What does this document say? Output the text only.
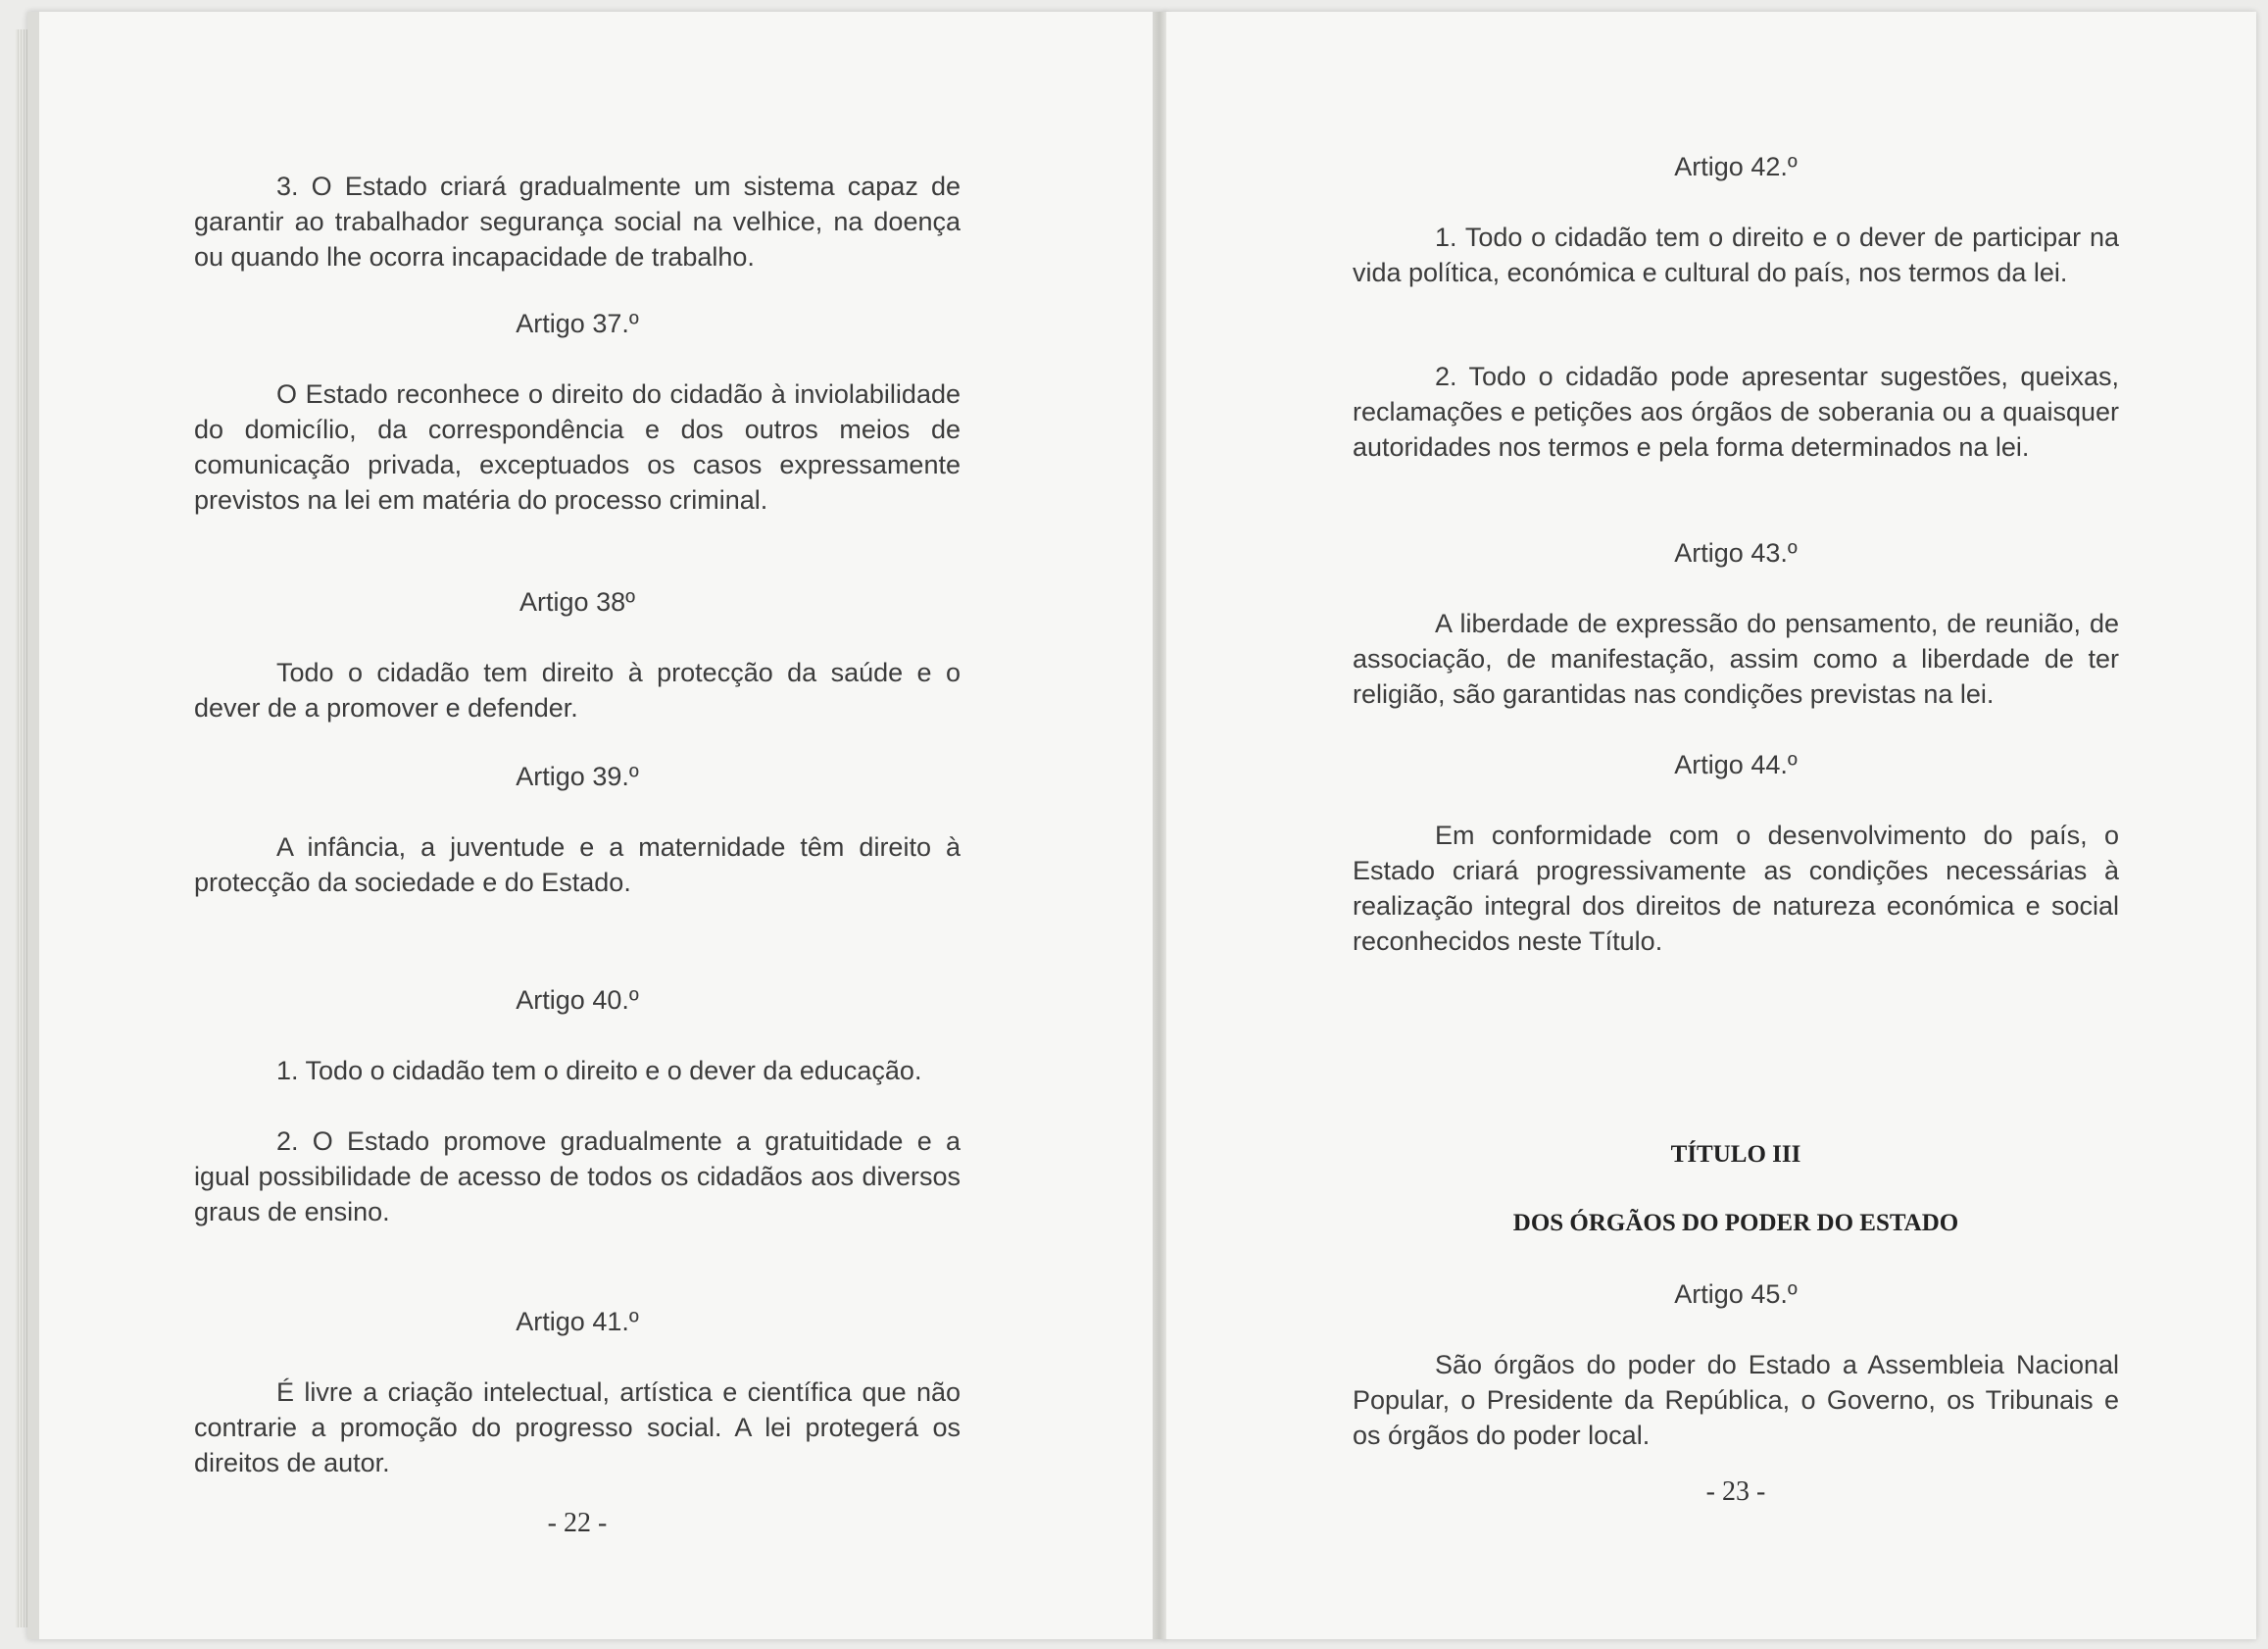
3. O Estado criará gradualmente um sistema capaz de garantir ao trabalhador segurança social na velhice, na doença ou quando lhe ocorra incapacidade de trabalho.

Artigo 37.º

O Estado reconhece o direito do cidadão à inviolabilidade do domicílio, da correspondência e dos outros meios de comunicação privada, exceptuados os casos expressamente previstos na lei em matéria do processo criminal.

Artigo 38º

Todo o cidadão tem direito à protecção da saúde e o dever de a promover e defender.

Artigo 39.º

A infância, a juventude e a maternidade têm direito à protecção da sociedade e do Estado.

Artigo 40.º

1. Todo o cidadão tem o direito e o dever da educação.

2. O Estado promove gradualmente a gratuitidade e a igual possibilidade de acesso de todos os cidadãos aos diversos graus de ensino.

Artigo 41.º

É livre a criação intelectual, artística e científica que não contrarie a promoção do progresso social. A lei protegerá os direitos de autor.

- 22 -

Artigo 42.º

1. Todo o cidadão tem o direito e o dever de participar na vida política, económica e cultural do país, nos termos da lei.

2. Todo o cidadão pode apresentar sugestões, queixas, reclamações e petições aos órgãos de soberania ou a quaisquer autoridades nos termos e pela forma determinados na lei.

Artigo 43.º

A liberdade de expressão do pensamento, de reunião, de associação, de manifestação, assim como a liberdade de ter religião, são garantidas nas condições previstas na lei.

Artigo 44.º

Em conformidade com o desenvolvimento do país, o Estado criará progressivamente as condições necessárias à realização integral dos direitos de natureza económica e social reconhecidos neste Título.

TÍTULO III

DOS ÓRGÃOS DO PODER DO ESTADO

Artigo 45.º

São órgãos do poder do Estado a Assembleia Nacional Popular, o Presidente da República, o Governo, os Tribunais e os órgãos do poder local.

- 23 -
